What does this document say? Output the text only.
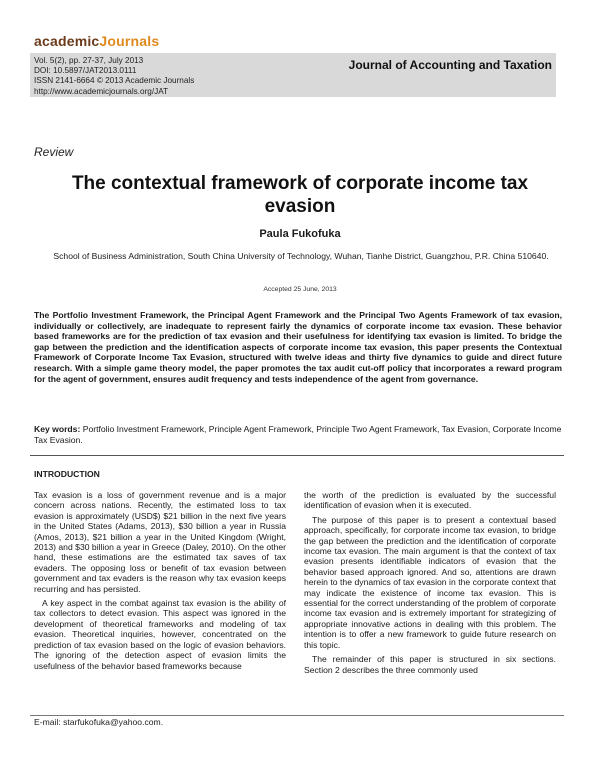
academicJournals
Vol. 5(2), pp. 27-37, July 2013
DOI: 10.5897/JAT2013.0111
ISSN 2141-6664 © 2013 Academic Journals
http://www.academicjournals.org/JAT
Journal of Accounting and Taxation
Review
The contextual framework of corporate income tax evasion
Paula Fukofuka
School of Business Administration, South China University of Technology, Wuhan, Tianhe District, Guangzhou, P.R. China 510640.
Accepted 25 June, 2013
The Portfolio Investment Framework, the Principal Agent Framework and the Principal Two Agents Framework of tax evasion, individually or collectively, are inadequate to represent fairly the dynamics of corporate income tax evasion. These behavior based frameworks are for the prediction of tax evasion and their usefulness for identifying tax evasion is limited. To bridge the gap between the prediction and the identification aspects of corporate income tax evasion, this paper presents the Contextual Framework of Corporate Income Tax Evasion, structured with twelve ideas and thirty five dynamics to guide and direct future research. With a simple game theory model, the paper promotes the tax audit cut-off policy that incorporates a reward program for the agent of government, ensures audit frequency and tests independence of the agent from governance.
Key words: Portfolio Investment Framework, Principle Agent Framework, Principle Two Agent Framework, Tax Evasion, Corporate Income Tax Evasion.
INTRODUCTION

Tax evasion is a loss of government revenue and is a major concern across nations. Recently, the estimated loss to tax evasion is approximately (USD$) $21 billion in the next five years in the United States (Adams, 2013), $30 billion a year in Russia (Amos, 2013), $21 billion a year in the United Kingdom (Wright, 2013) and $30 billion a year in Greece (Daley, 2010). On the other hand, these estimations are the estimated tax saves of tax evaders. The opposing loss or benefit of tax evasion between government and tax evaders is the reason why tax evasion keeps recurring and has persisted.

A key aspect in the combat against tax evasion is the ability of tax collectors to detect evasion. This aspect was ignored in the development of theoretical frameworks and modeling of tax evasion. Theoretical inquiries, however, concentrated on the prediction of tax evasion based on the logic of evasion behaviors. The ignoring of the detection aspect of evasion limits the usefulness of the behavior based frameworks because

the worth of the prediction is evaluated by the successful identification of evasion when it is executed.

The purpose of this paper is to present a contextual based approach, specifically, for corporate income tax evasion, to bridge the gap between the prediction and the identification of corporate income tax evasion. The main argument is that the context of tax evasion presents identifiable indicators of evasion that the behavior based approach ignored. And so, attentions are drawn herein to the dynamics of tax evasion in the corporate context that may indicate the existence of income tax evasion. This is essential for the correct understanding of the problem of corporate income tax evasion and is extremely important for strategizing of appropriate innovative actions in dealing with this problem. The intention is to offer a new framework to guide future research on this topic.

The remainder of this paper is structured in six sections. Section 2 describes the three commonly used

E-mail: starfukofuka@yahoo.com.
